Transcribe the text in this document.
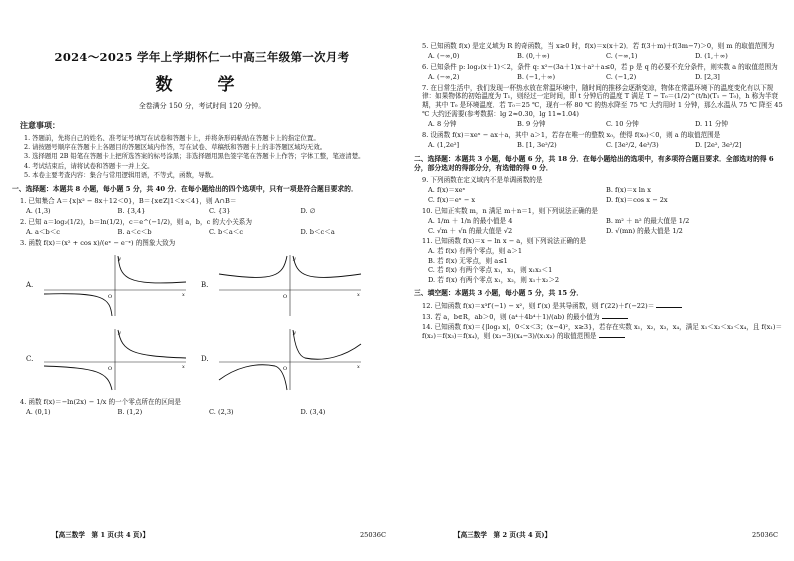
2024～2025 学年上学期怀仁一中高三年级第一次月考
数　学
全卷满分 150 分，考试时间 120 分钟。
注意事项：
1. 答题前，先将自己的姓名、准考证号填写在试卷和答题卡上，并将条形码粘贴在答题卡上的指定位置。
2. 请按题号顺序在答题卡上各题目的答题区域内作答，写在试卷、草稿纸和答题卡上的非答题区域均无效。
3. 选择题用 2B 铅笔在答题卡上把所选答案的标号涂黑；非选择题用黑色签字笔在答题卡上作答；字体工整，笔迹清楚。
4. 考试结束后，请将试卷和答题卡一并上交。
5. 本卷主要考查内容：集合与常用逻辑用语，不等式，函数，导数。
一、选择题：本题共 8 小题，每小题 5 分，共 40 分．在每小题给出的四个选项中，只有一项是符合题目要求的．
1. 已知集合 A＝{x|x² − 8x＋12＜0}，B＝{x∈Z|1＜x＜4}，则 A∩B＝
A. (1,3)	B. {3,4}	C. {3}	D. ∅
2. 已知 a＝log₂(1/2)，b＝ln(1/2)，c＝e^(−1/2)，则 a，b，c 的大小关系为
A. a＜b＜c	B. a＜c＜b	C. b＜a＜c	D. b＜c＜a
3. 函数 f(x)＝(x² + cos x)/(eˣ − e⁻ˣ) 的图象大致为
A.
O	x
y
B.
O	x
y
C.
O	x
y
D.
O	x
y
4. 函数 f(x)＝−ln(2x) − 1/x 的一个零点所在的区间是
A. (0,1)	B. (1,2)	C. (2,3)	D. (3,4)
【高三数学　第 1 页(共 4 页)】	25036C
5. 已知函数 f(x) 是定义域为 R 的奇函数，当 x≥0 时，f(x)＝x(x＋2)．若 f(3＋m)＋f(3m−7)＞0，则 m 的取值范围为
A. (−∞,0)	B. (0,＋∞)	C. (−∞,1)	D. (1,＋∞)
6. 已知条件 p: log₂(x＋1)＜2，条件 q: x²−(3a＋1)x＋a²＋a≤0，若 p 是 q 的必要不充分条件，则实数 a 的取值范围为
A. (−∞,2)	B. (−1,＋∞)	C. (−1,2)	D. [2,3]
7. 在日常生活中，我们发现一杯热水放在常温环境中，随时间的推移会逐渐变凉，物体在常温环境下的温度变化有以下规律：如果物体的初始温度为 T₁，则经过一定时间，即 t 分钟后的温度 T 满足 T − T₀＝(1/2)^(t/h)(T₁ − T₀)，h 称为半衰期，其中 T₀ 是环境温度．若 T₀＝25 ℃，现有一杯 80 ℃ 的热水降至 75 ℃ 大约用时 1 分钟，那么水温从 75 ℃ 降至 45 ℃ 大约还需要(参考数据：lg 2≈0.30，lg 11≈1.04)
A. 8 分钟	B. 9 分钟	C. 10 分钟	D. 11 分钟
8. 设函数 f(x)＝xeˣ − ax＋a，其中 a＞1，若存在唯一的整数 x₀，使得 f(x₀)＜0，则 a 的取值范围是
A. (1,2e²]	B. [1, 3e²/2)	C. [3e²/2, 4e³/3)	D. [2e², 3e²/2]
二、选择题：本题共 3 小题，每小题 6 分，共 18 分．在每小题给出的选项中，有多项符合题目要求．全部选对的得 6 分，部分选对的得部分分，有选错的得 0 分．
9. 下列函数在定义域内不是单调函数的是
A. f(x)＝xeˣ	B. f(x)＝x ln x
C. f(x)＝eˣ − x	D. f(x)＝cos x − 2x
10. 已知正实数 m，n 满足 m＋n＝1，则下列说法正确的是
A. 1/m ＋ 1/n 的最小值是 4	B. m² ＋ n² 的最大值是 1/2
C. √m ＋ √n 的最大值是 √2	D. √(mn) 的最大值是 1/2
11. 已知函数 f(x)＝x − ln x − a，则下列说法正确的是
A. 若 f(x) 有两个零点，则 a＞1
B. 若 f(x) 无零点，则 a≤1
C. 若 f(x) 有两个零点 x₁，x₂，则 x₁x₂＜1
D. 若 f(x) 有两个零点 x₁，x₂，则 x₁＋x₂＞2
三、填空题：本题共 3 小题，每小题 5 分，共 15 分．
12. 已知函数 f(x)＝x³f′(−1) − x²，则 f′(x) 是其导函数，则 f′(22)＋f′(−22)＝
13. 若 a，b∈R，ab＞0，则 (a⁴＋4b⁴＋1)/(ab) 的最小值为
14. 已知函数 f(x)＝{|log₃ x|，0＜x＜3；(x−4)²，x≥3}，若存在实数 x₁，x₂，x₃，x₄，满足 x₁＜x₂＜x₃＜x₄，且 f(x₁)＝f(x₂)＝f(x₃)＝f(x₄)，则 (x₃−3)(x₄−3)/(x₁x₂) 的取值范围是
【高三数学　第 2 页(共 4 页)】	25036C
